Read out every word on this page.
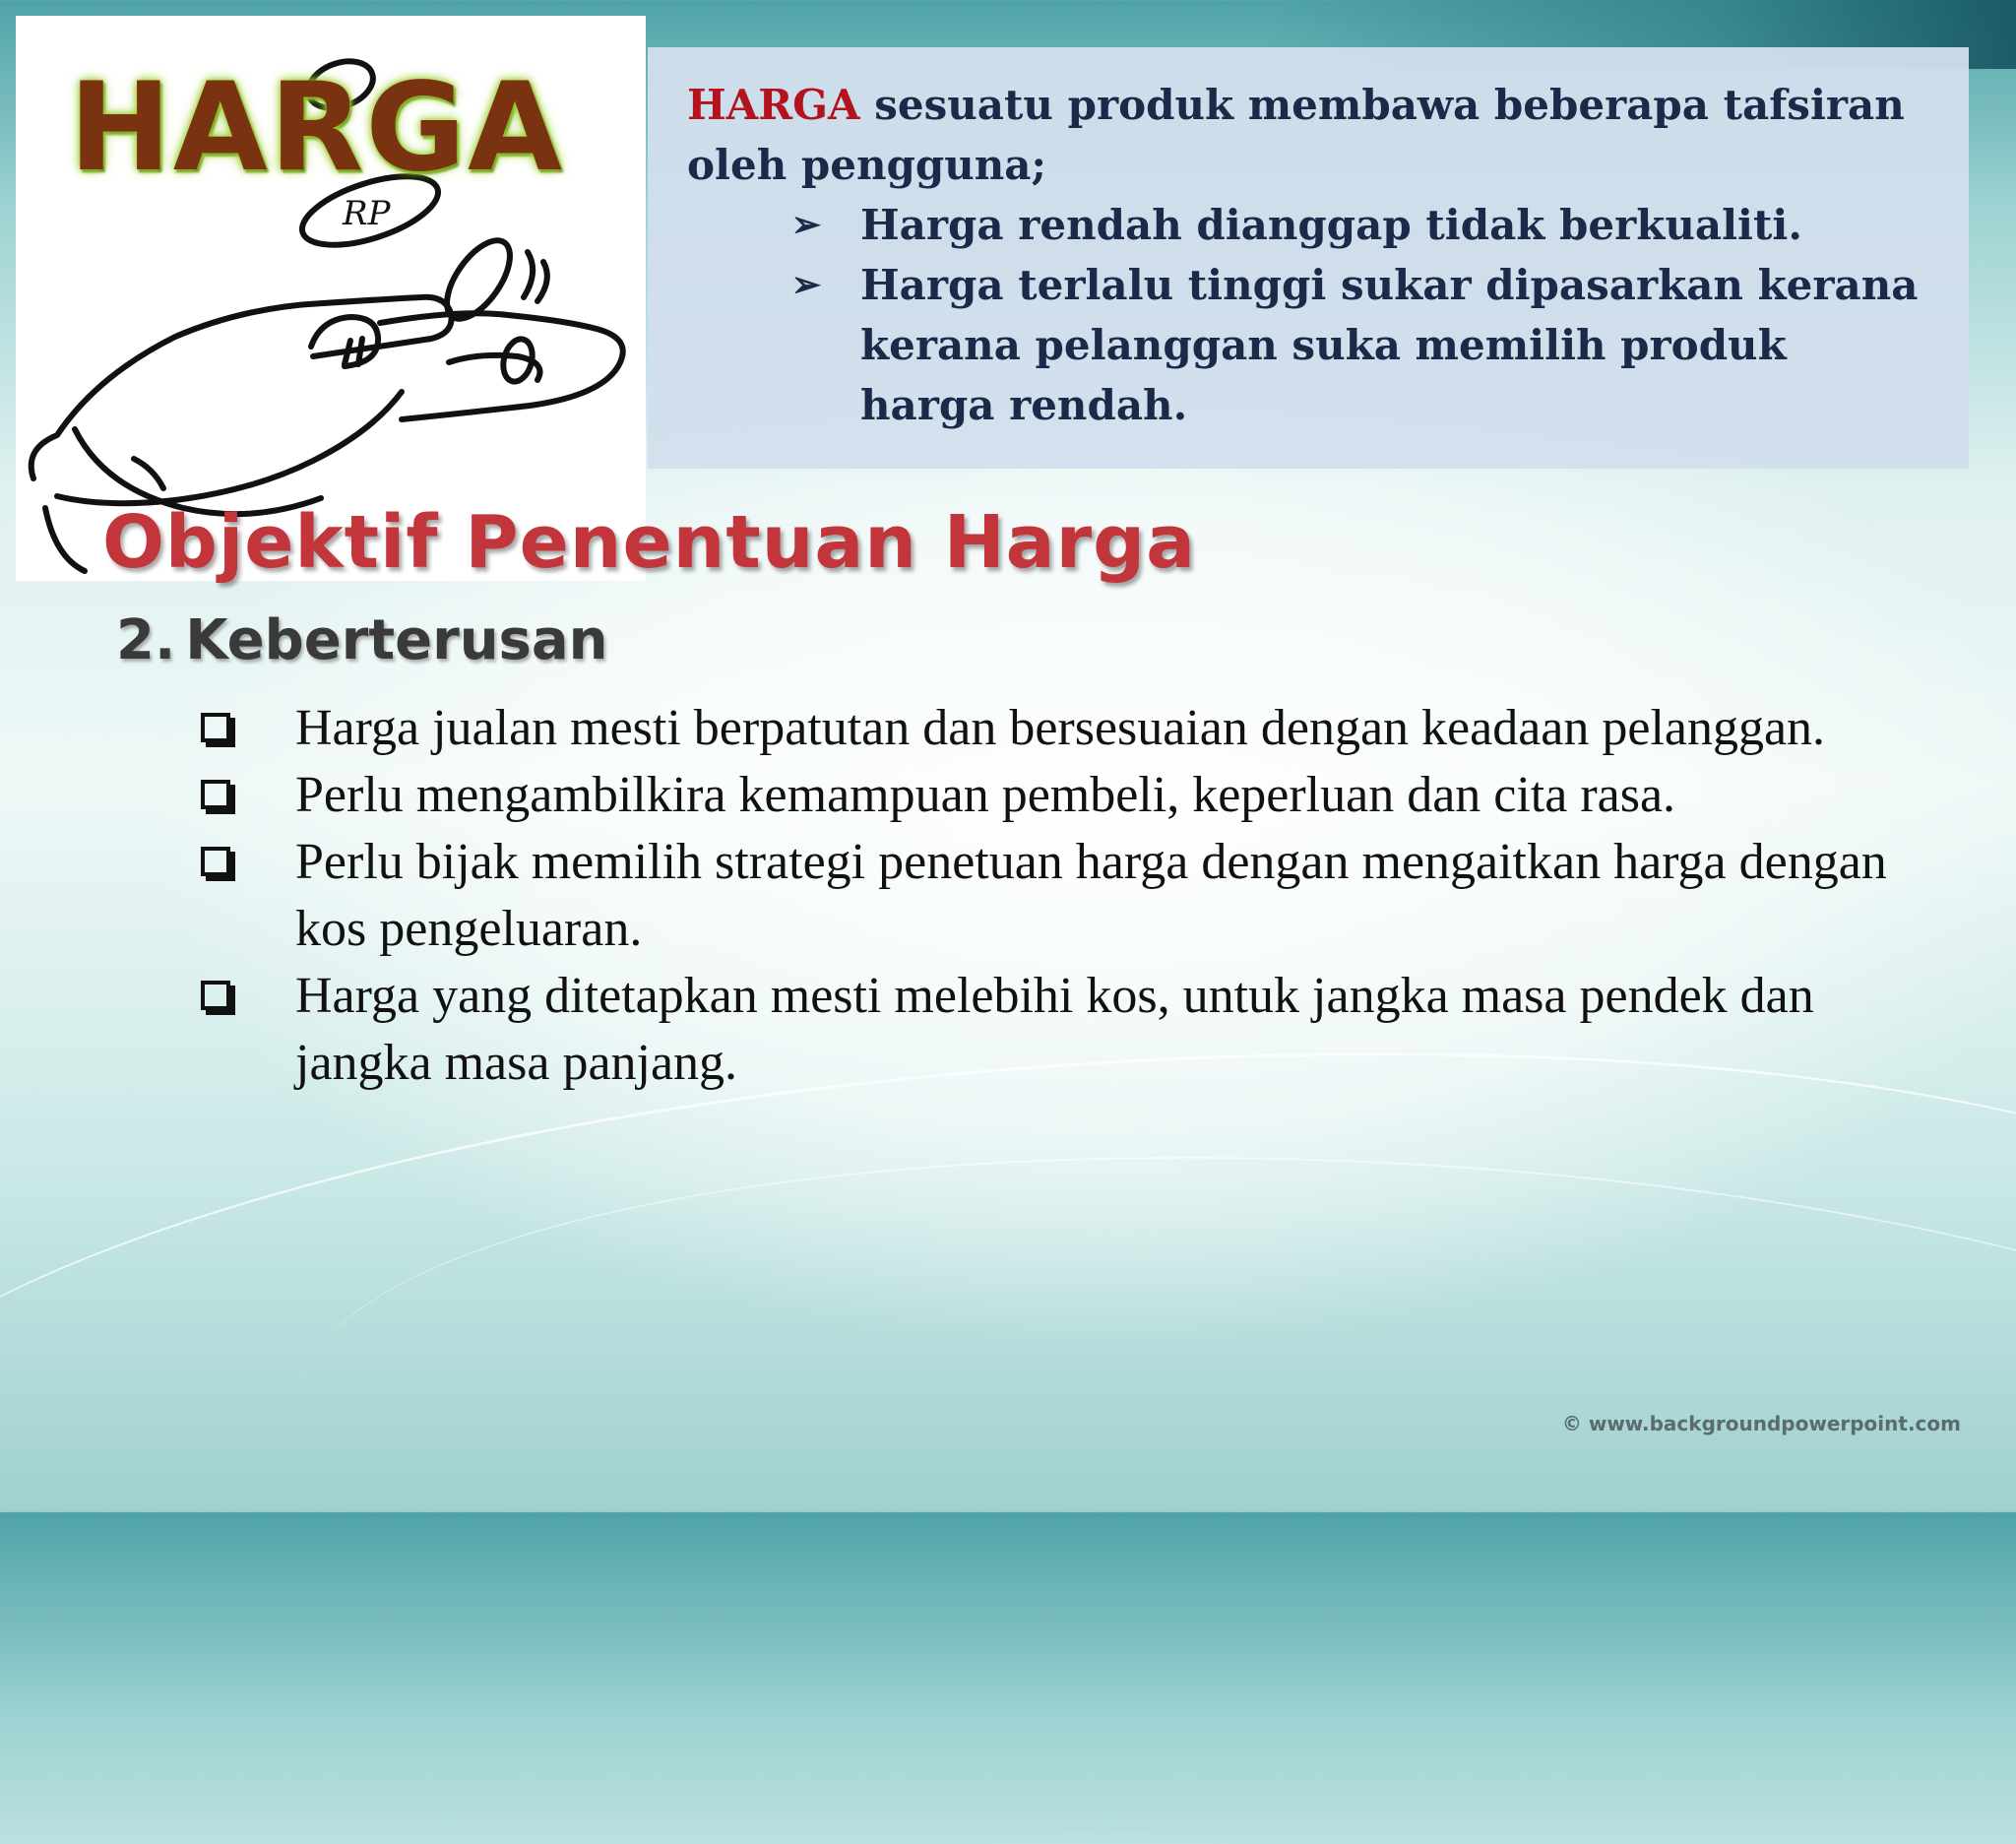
RP

HARGA	HARGA sesuatu produk membawa beberapa tafsiran oleh pengguna;

➢ Harga rendah dianggap tidak berkualiti.
➢ Harga terlalu tinggi sukar dipasarkan kerana kerana pelanggan suka memilih produk harga rendah.
Objektif Penentuan Harga
2. Keberterusan
Harga jualan mesti berpatutan dan bersesuaian dengan keadaan pelanggan.
Perlu mengambilkira kemampuan pembeli, keperluan dan cita rasa.
Perlu bijak memilih strategi penetuan harga dengan mengaitkan harga dengan kos pengeluaran.
Harga yang ditetapkan mesti melebihi kos, untuk jangka masa pendek dan jangka masa panjang.

© www.backgroundpowerpoint.com
